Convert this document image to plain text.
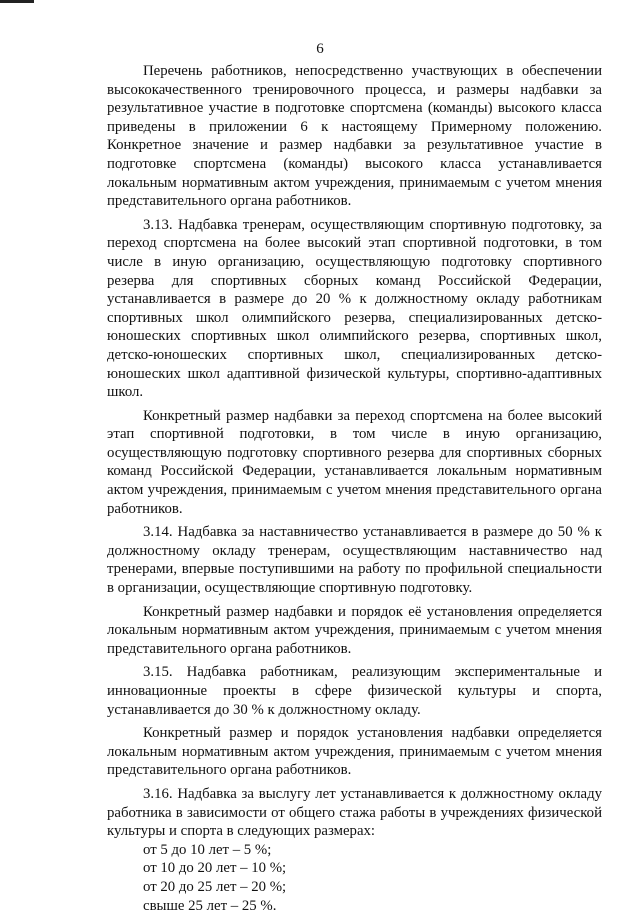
6

Перечень работников, непосредственно участвующих в обеспечении высококачественного тренировочного процесса, и размеры надбавки за результативное участие в подготовке спортсмена (команды) высокого класса приведены в приложении 6 к настоящему Примерному положению. Конкретное значение и размер надбавки за результативное участие в подготовке спортсмена (команды) высокого класса устанавливается локальным нормативным актом учреждения, принимаемым с учетом мнения представительного органа работников.

3.13. Надбавка тренерам, осуществляющим спортивную подготовку, за переход спортсмена на более высокий этап спортивной подготовки, в том числе в иную организацию, осуществляющую подготовку спортивного резерва для спортивных сборных команд Российской Федерации, устанавливается в размере до 20 % к должностному окладу работникам спортивных школ олимпийского резерва, специализированных детско-юношеских спортивных школ олимпийского резерва, спортивных школ, детско-юношеских спортивных школ, специализированных детско-юношеских школ адаптивной физической культуры, спортивно-адаптивных школ.

Конкретный размер надбавки за переход спортсмена на более высокий этап спортивной подготовки, в том числе в иную организацию, осуществляющую подготовку спортивного резерва для спортивных сборных команд Российской Федерации, устанавливается локальным нормативным актом учреждения, принимаемым с учетом мнения представительного органа работников.

3.14. Надбавка за наставничество устанавливается в размере до 50 % к должностному окладу тренерам, осуществляющим наставничество над тренерами, впервые поступившими на работу по профильной специальности в организации, осуществляющие спортивную подготовку.

Конкретный размер надбавки и порядок её установления определяется локальным нормативным актом учреждения, принимаемым с учетом мнения представительного органа работников.

3.15. Надбавка работникам, реализующим экспериментальные и инновационные проекты в сфере физической культуры и спорта, устанавливается до 30 % к должностному окладу.

Конкретный размер и порядок установления надбавки определяется локальным нормативным актом учреждения, принимаемым с учетом мнения представительного органа работников.

3.16. Надбавка за выслугу лет устанавливается к должностному окладу работника в зависимости от общего стажа работы в учреждениях физической культуры и спорта в следующих размерах:

от 5 до 10 лет – 5 %;
от 10 до 20 лет – 10 %;
от 20 до 25 лет – 20 %;
свыше 25 лет – 25 %.
